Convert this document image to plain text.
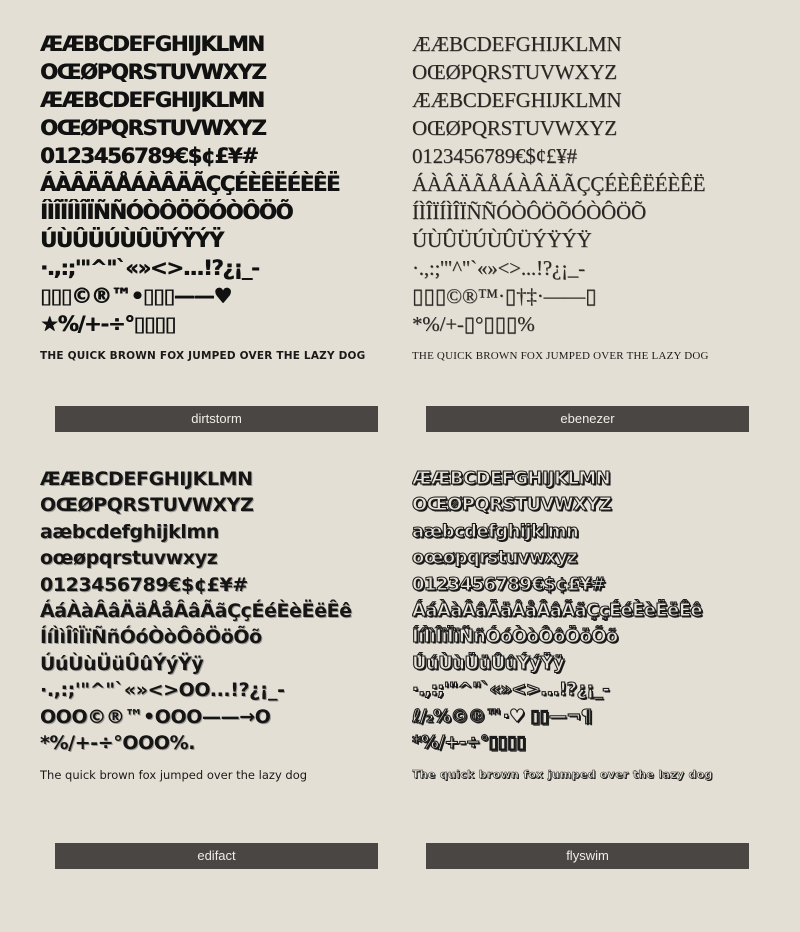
ÆÆBCDEFGHIJKLMN
OŒØPQRSTUVWXYZ
ÆÆBCDEFGHIJKLMN
OŒØPQRSTUVWXYZ
0123456789€$¢£¥#
ÁÀÂÄÃÅÁÀÂÄÃÇÇÉÈÊËÉÈÊË
ÍÌÎÏÍÌÎÏÑÑÓÒÔÖÕÓÒÔÖÕ
ÚÙÛÜÚÙÛÜÝŸÝŸ
·.,:;'"^"`«»<>...!?¿¡_-
▯▯▯©®™•▯▯▯——♥
★%/+-÷°▯▯▯▯
THE QUICK BROWN FOX JUMPED OVER THE LAZY DOG
ÆÆBCDEFGHIJKLMN
OŒØPQRSTUVWXYZ
ÆÆBCDEFGHIJKLMN
OŒØPQRSTUVWXYZ
0123456789€$¢£¥#
ÁÀÂÄÃÅÁÀÂÄÃÇÇÉÈÊËÉÈÊË
ÍÌÎÏÍÌÎÏÑÑÓÒÔÖÕÓÒÔÖÕ
ÚÙÛÜÚÙÛÜÝŸÝŸ
·.,:;'"^"`«»<>...!?¿¡_-
▯▯▯©®™·▯†‡·——▯
*%/+-▯°▯▯▯%
THE QUICK BROWN FOX JUMPED OVER THE LAZY DOG
ÆÆBCDEFGHIJKLMN
OŒØPQRSTUVWXYZ
aæbcdefghijklmn
oœøpqrstuvwxyz
0123456789€$¢£¥#
ÁáÀàÂâÄäÅåÂâÃãÇçÉéÈèËëÊê
ÍíÌìÎîÏïÑñÓóÒòÔôÖöÕõ
ÚúÙùÜüÛûÝýŸÿ
·.,:;'"^"`«»<>OO...!?¿¡_-
OOO©®™•OOO——→O
*%/+-÷°OOO%.
The quick brown fox jumped over the lazy dog
ÆÆBCDEFGHIJKLMN
OŒØPQRSTUVWXYZ
aæbcdefghijklmn
oœøpqrstuvwxyz
0123456789€$¢£¥#
ÁáÀàÂâÄäÅåÂâÃãÇçÉéÈèËëÊê
ÍíÌìÎîÏïÑñÓóÒòÔôÖöÕõ
ÚúÙùÜüÛûÝýŸÿ
·.,:;'"^"`«»<>...!?¿¡_-
ℓ/₂%©®™·♥ ▯▯—¬¶
*%/+-÷°▯▯▯▯
The quick brown fox jumped over the lazy dog
dirtstorm	ebenezer
edifact	flyswim
